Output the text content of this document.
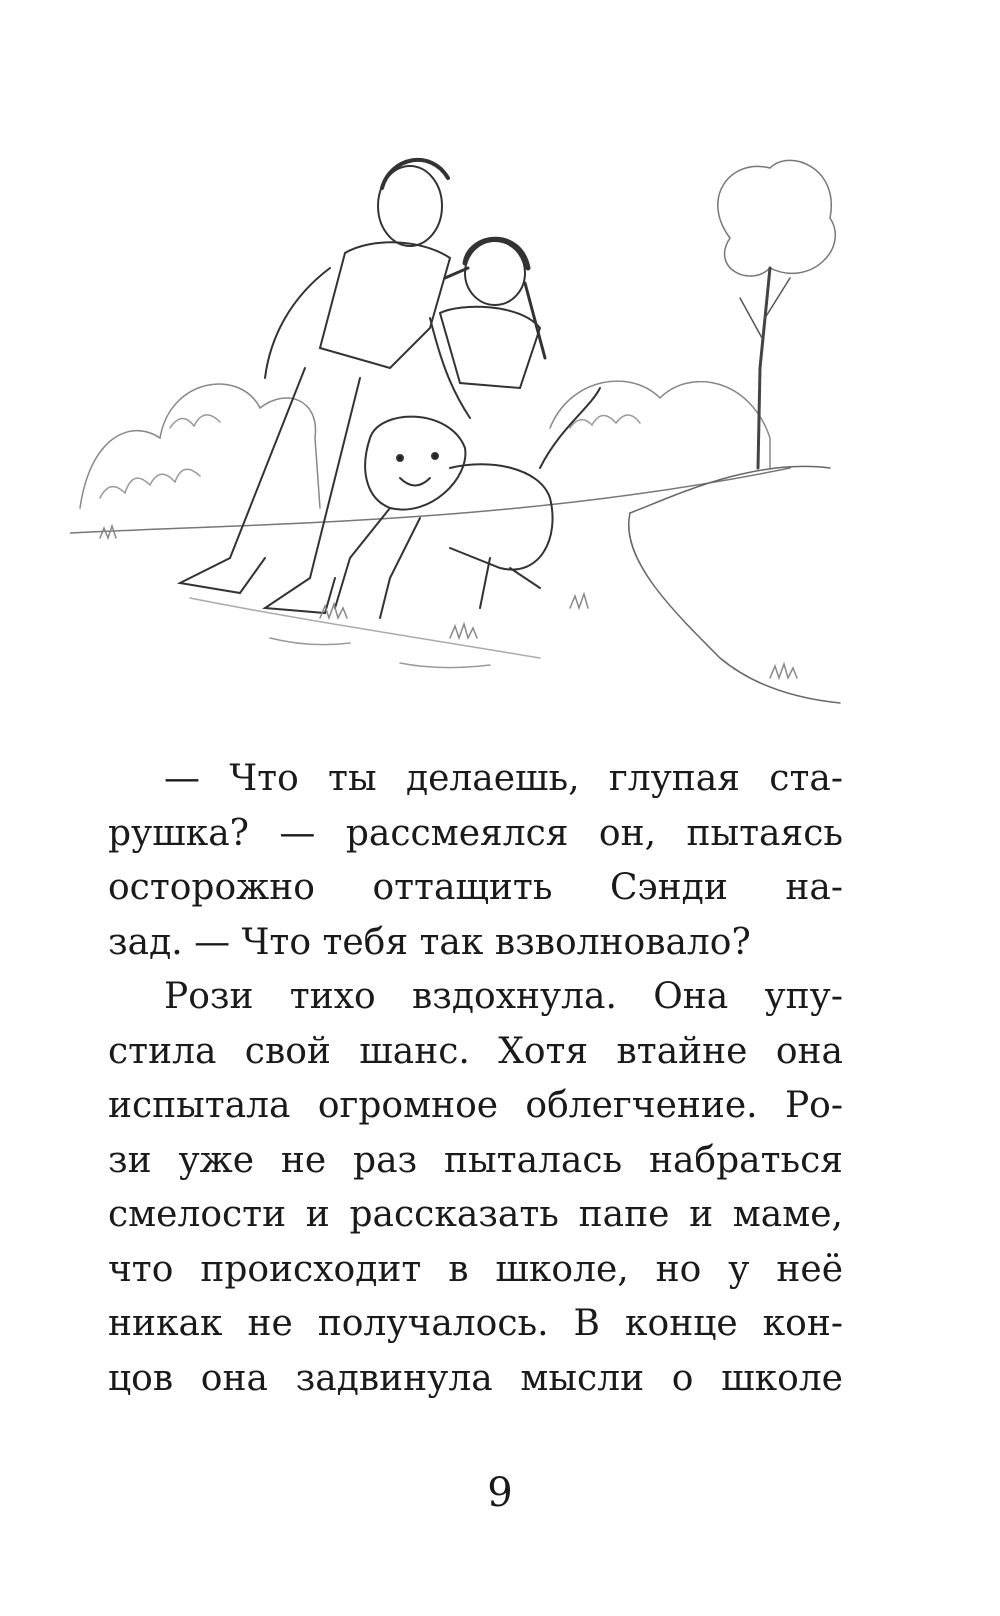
— Что ты делаешь, глупая ста-
рушка? — рассмеялся он, пытаясь
осторожно оттащить Сэнди на-
зад. — Что тебя так взволновало?
Рози тихо вздохнула. Она упу-
стила свой шанс. Хотя втайне она
испытала огромное облегчение. Ро-
зи уже не раз пыталась набраться
смелости и рассказать папе и маме,
что происходит в школе, но у неё
никак не получалось. В конце кон-
цов она задвинула мысли о школе
9
